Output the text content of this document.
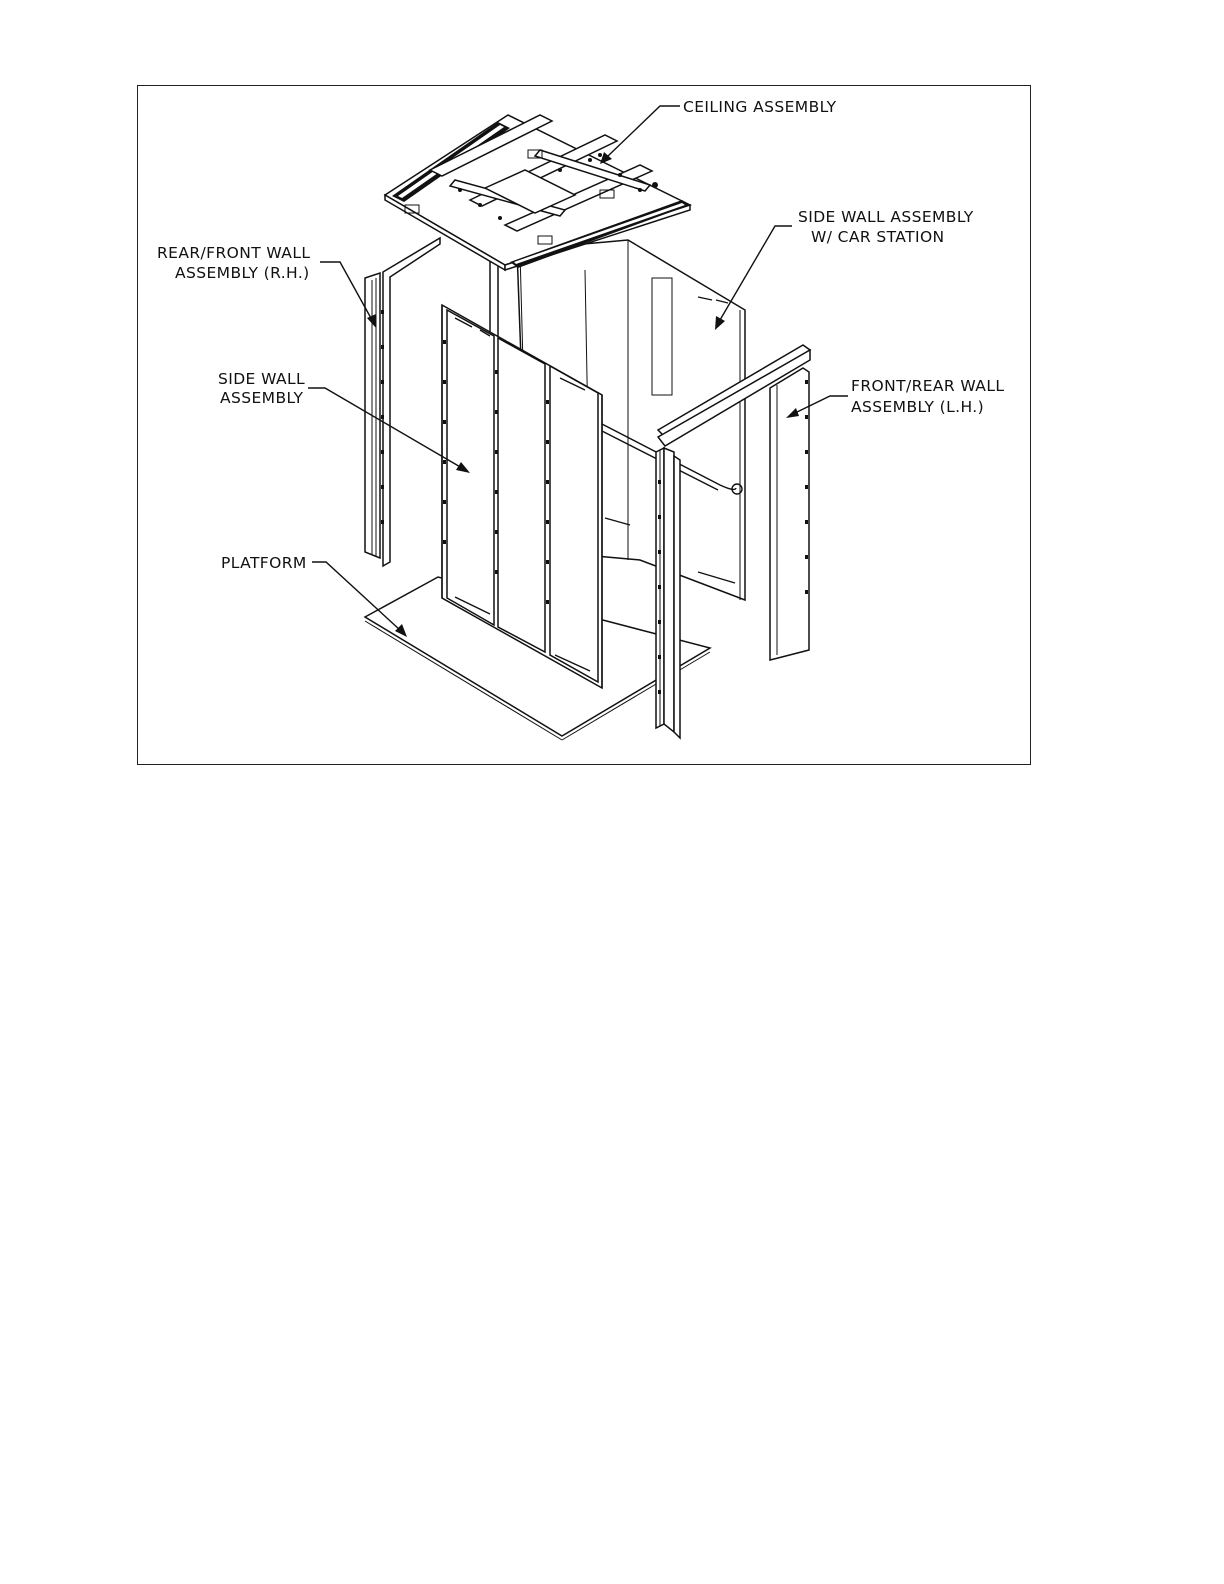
CEILING ASSEMBLY
SIDE WALL ASSEMBLY
W/ CAR STATION
REAR/FRONT WALL
ASSEMBLY (R.H.)
SIDE WALL
ASSEMBLY
FRONT/REAR WALL
ASSEMBLY (L.H.)
PLATFORM
